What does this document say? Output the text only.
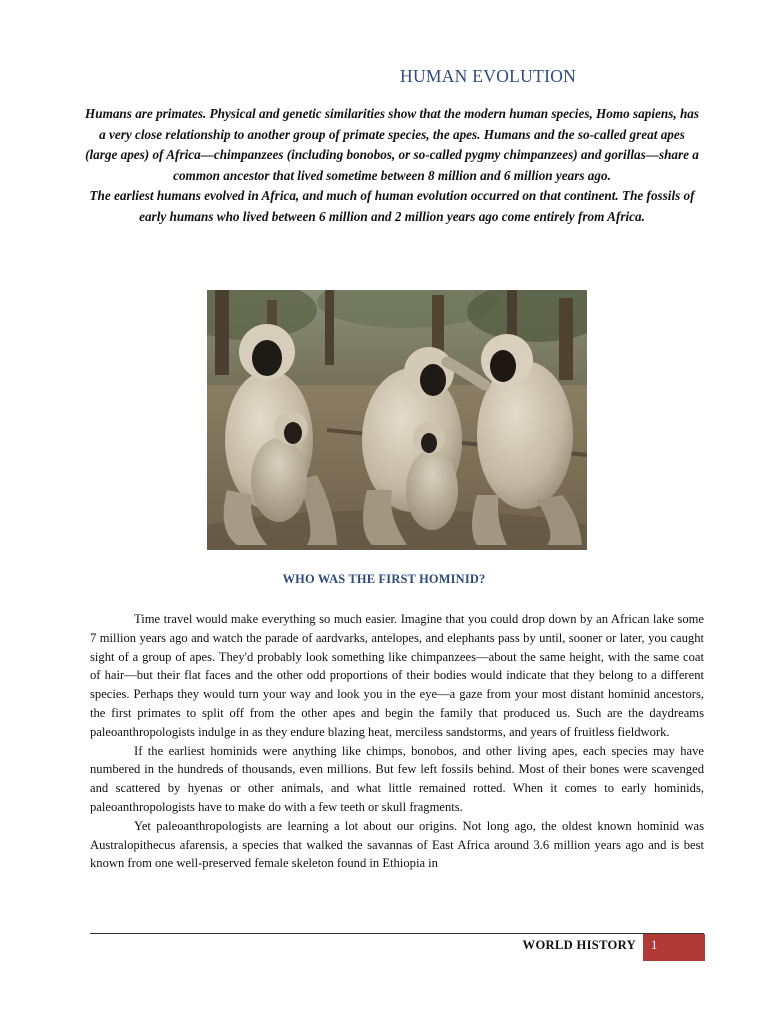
HUMAN EVOLUTION

Humans are primates. Physical and genetic similarities show that the modern human species, Homo sapiens, has a very close relationship to another group of primate species, the apes. Humans and the so-called great apes (large apes) of Africa—chimpanzees (including bonobos, or so-called pygmy chimpanzees) and gorillas—share a common ancestor that lived sometime between 8 million and 6 million years ago.

The earliest humans evolved in Africa, and much of human evolution occurred on that continent. The fossils of early humans who lived between 6 million and 2 million years ago come entirely from Africa.

WHO WAS THE FIRST HOMINID?

Time travel would make everything so much easier. Imagine that you could drop down by an African lake some 7 million years ago and watch the parade of aardvarks, antelopes, and elephants pass by until, sooner or later, you caught sight of a group of apes. They'd probably look something like chimpanzees—about the same height, with the same coat of hair—but their flat faces and the other odd proportions of their bodies would indicate that they belong to a different species. Perhaps they would turn your way and look you in the eye—a gaze from your most distant hominid ancestors, the first primates to split off from the other apes and begin the family that produced us. Such are the daydreams paleoanthropologists indulge in as they endure blazing heat, merciless sandstorms, and years of fruitless fieldwork.

If the earliest hominids were anything like chimps, bonobos, and other living apes, each species may have numbered in the hundreds of thousands, even millions. But few left fossils behind. Most of their bones were scavenged and scattered by hyenas or other animals, and what little remained rotted. When it comes to early hominids, paleoanthropologists have to make do with a few teeth or skull fragments.

Yet paleoanthropologists are learning a lot about our origins. Not long ago, the oldest known hominid was Australopithecus afarensis, a species that walked the savannas of East Africa around 3.6 million years ago and is best known from one well-preserved female skeleton found in Ethiopia in

WORLD HISTORY	1
